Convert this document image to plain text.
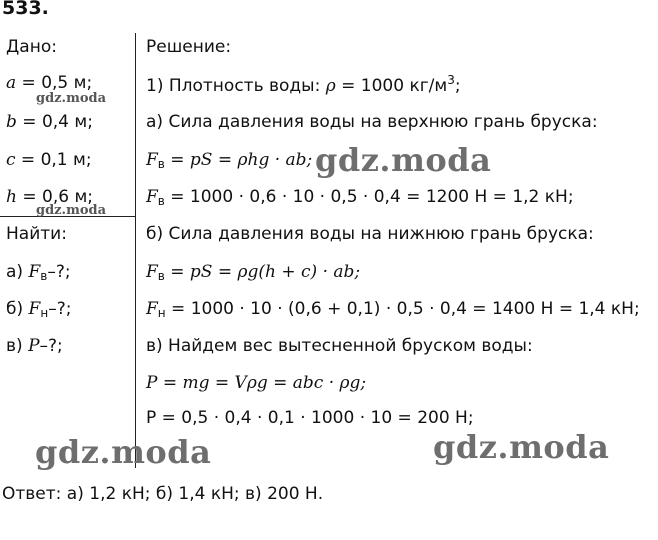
533.
Дано:
a = 0,5 м;
b = 0,4 м;
c = 0,1 м;
h = 0,6 м;
Найти:
а) $F_в-$?;
б) $F_н-$?;
в) P–?;
Решение:
1) Плотность воды: ρ = 1000 $кг/м^3$;
а) Сила давления воды на верхнюю грань бруска:
$F_в$ = pS = ρhg · ab;
$F_в = 1000 \cdot 0,6 \cdot 10 \cdot 0,5 \cdot 0,4 = 1200$ Н = 1,2 кН;
б) Сила давления воды на нижнюю грань бруска:
$F_в$ = pS = ρg(h + c) · ab;
$F_н = 1000 \cdot 10 \cdot (0,6 + 0,1) \cdot 0,5 \cdot 0,4 = 1400$ Н = 1,4 кН;
в) Найдем вес вытесненной бруском воды:
P = mg = Vρg = abc · ρg;
P = 0,5 · 0,4 · 0,1 · 1000 · 10 = 200 Н;
Ответ: а) 1,2 кН; б) 1,4 кН; в) 200 Н.
gdz.moda
gdz.moda
gdz.moda
gdz.moda	gdz.moda
